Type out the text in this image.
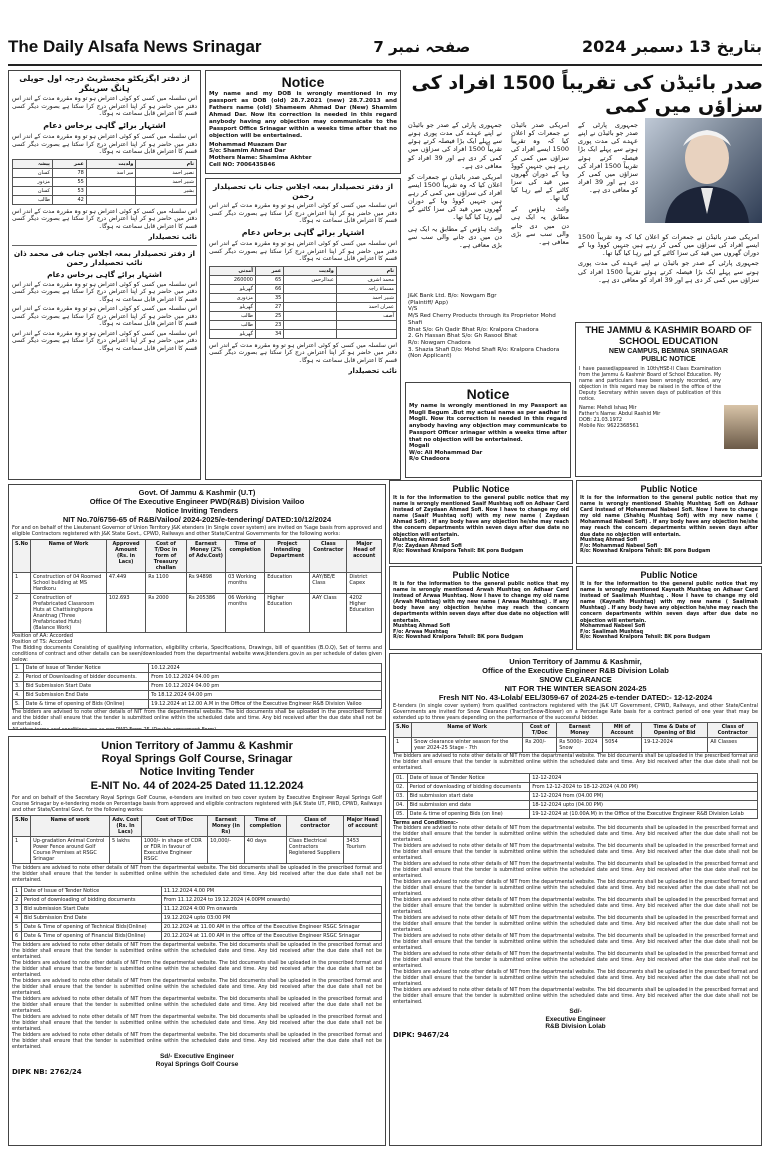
The Daily Alsafa News Srinagar	صفحہ نمبر 7	بتاریخ 13 دسمبر 2024
از دفتر ایگزیکٹو مجسٹریٹ درجہ اول حویلی ہانگ سرینگر
اس سلسلہ میں کسی کو کوئی اعتراض ہو تو وہ مقررہ مدت کے اندر اس دفتر میں حاضر ہو کر اپنا اعتراض درج کرا سکتا ہے بصورت دیگر کسی قسم کا اعتراض قابل سماعت نہ ہوگا۔
اشتہار برائے گاہی برخاس دعام
اس سلسلہ میں کسی کو کوئی اعتراض ہو تو وہ مقررہ مدت کے اندر اس دفتر میں حاضر ہو کر اپنا اعتراض درج کرا سکتا ہے بصورت دیگر کسی قسم کا اعتراض قابل سماعت نہ ہوگا۔
نام	ولدیت	عمر	پیشہ
نصیر احمد	میر اسد	78	کسان
شبیر احمد		55	مزدور
بشیر		53	کسان
		42	طالب
اس سلسلہ میں کسی کو کوئی اعتراض ہو تو وہ مقررہ مدت کے اندر اس دفتر میں حاضر ہو کر اپنا اعتراض درج کرا سکتا ہے بصورت دیگر کسی قسم کا اعتراض قابل سماعت نہ ہوگا۔
نائب تحصیلدار
از دفتر تحصیلدار بمعہ اجلاس جناب فی محمد ذان نائب تحصیلدار رحمن
اشتہار برائے گاہی برخاس دعام
اس سلسلہ میں کسی کو کوئی اعتراض ہو تو وہ مقررہ مدت کے اندر اس دفتر میں حاضر ہو کر اپنا اعتراض درج کرا سکتا ہے بصورت دیگر کسی قسم کا اعتراض قابل سماعت نہ ہوگا۔
اس سلسلہ میں کسی کو کوئی اعتراض ہو تو وہ مقررہ مدت کے اندر اس دفتر میں حاضر ہو کر اپنا اعتراض درج کرا سکتا ہے بصورت دیگر کسی قسم کا اعتراض قابل سماعت نہ ہوگا۔
اس سلسلہ میں کسی کو کوئی اعتراض ہو تو وہ مقررہ مدت کے اندر اس دفتر میں حاضر ہو کر اپنا اعتراض درج کرا سکتا ہے بصورت دیگر کسی قسم کا اعتراض قابل سماعت نہ ہوگا۔
Notice
My name and my DOB is wrongly mentioned in my passport as DOB (old) 28.7.2021 (new) 28.7.2013 and Fathers name (old) Shameem Ahmad Dar (New) Shamim Ahmad Dar. Now its correction is needed in this regard anybody having any objection may communicate to the Passport Office Srinagar within a weeks time after that no objection will be entertained.
Mohammad Muazam Dar
S/o: Shamim Ahmad Dar
Mothers Name: Shamima Akhter
Cell NO: 7006435846
از دفتر تحصیلدار بمعہ اجلاس جناب ناب تحصیلدار رحمن
اس سلسلہ میں کسی کو کوئی اعتراض ہو تو وہ مقررہ مدت کے اندر اس دفتر میں حاضر ہو کر اپنا اعتراض درج کرا سکتا ہے بصورت دیگر کسی قسم کا اعتراض قابل سماعت نہ ہوگا۔
اشتہار برائے گاہی برخاس دعام
اس سلسلہ میں کسی کو کوئی اعتراض ہو تو وہ مقررہ مدت کے اندر اس دفتر میں حاضر ہو کر اپنا اعتراض درج کرا سکتا ہے بصورت دیگر کسی قسم کا اعتراض قابل سماعت نہ ہوگا۔
نام	ولدیت	عمر	آمدنی
محمد اشرف	عبدالرحمن	65	260000
مسماۃ راجہ		66	گھریلو
شبیر احمد		35	مزدوری
عمران احمد		27	گھریلو
آصف		25	طالب
		23	طالب
		34	گھریلو
اس سلسلہ میں کسی کو کوئی اعتراض ہو تو وہ مقررہ مدت کے اندر اس دفتر میں حاضر ہو کر اپنا اعتراض درج کرا سکتا ہے بصورت دیگر کسی قسم کا اعتراض قابل سماعت نہ ہوگا۔
نائب تحصیلدار
جمہوری پارٹی کے صدر جو بائیڈن نے اپنے عہدے کی مدت پوری ہونے سے پہلے ایک بڑا فیصلہ کرتے ہوئے تقریباً 1500 افراد کی سزاؤں میں کمی کر دی ہے اور 39 افراد کو معافی دی ہے۔
امریکی صدر بائیڈن نے جمعرات کو اعلان کیا کہ وہ تقریباً 1500 ایسے افراد کی سزاؤں میں کمی کر رہے ہیں جنہیں کووڈ وبا کے دوران گھروں میں قید کی سزا کاٹنے کے لیے رہا کیا گیا تھا۔
وائٹ ہاؤس کے مطابق یہ ایک ہی دن میں دی جانے والی سب سے بڑی معافی ہے۔
امریکی صدر بائیڈن نے جمعرات کو اعلان کیا کہ وہ تقریباً 1500 ایسے افراد کی سزاؤں میں کمی کر رہے ہیں جنہیں کووڈ وبا کے دوران گھروں میں قید کی سزا کاٹنے کے لیے رہا کیا گیا تھا۔
وائٹ ہاؤس کے مطابق یہ ایک ہی دن میں دی جانے والی سب سے بڑی معافی ہے۔
صدر بائیڈن کی تقریباً 1500 افراد کی سزاؤں میں کمی
جمہوری پارٹی کے صدر جو بائیڈن نے اپنے عہدے کی مدت پوری ہونے سے پہلے ایک بڑا فیصلہ کرتے ہوئے تقریباً 1500 افراد کی سزاؤں میں کمی کر دی ہے اور 39 افراد کو معافی دی ہے۔
امریکی صدر بائیڈن نے جمعرات کو اعلان کیا کہ وہ تقریباً 1500 ایسے افراد کی سزاؤں میں کمی کر رہے ہیں جنہیں کووڈ وبا کے دوران گھروں میں قید کی سزا کاٹنے کے لیے رہا کیا گیا تھا۔
جمہوری پارٹی کے صدر جو بائیڈن نے اپنے عہدے کی مدت پوری ہونے سے پہلے ایک بڑا فیصلہ کرتے ہوئے تقریباً 1500 افراد کی سزاؤں میں کمی کر دی ہے اور 39 افراد کو معافی دی ہے۔
J&K Bank Ltd. B/o: Nowgam Bgr
(Plaintiff/ App)
V/S
M/S Red Cherry Products through its Proprietor Mohd Shafi
Bhat S/o: Gh Qadir Bhat R/o: Kralpora Chadora
2. Gh Hassan Bhat S/o: Gh Rasool Bhat
R/o: Nowgam Chadora
3. Shazia Shafi D/o: Mohd Shafi R/o: Kralpora Chadora (Non Applicant)
THE JAMMU & KASHMIR BOARD OF SCHOOL EDUCATION
NEW CAMPUS, BEMINA SRINAGAR
PUBLIC NOTICE
I have passed/appeared in 10th/HSE-II Class Examination from the Jammu & Kashmir Board of School Education. My name and particulars have been wrongly recorded, any objection in this regard may be raised in the office of the Deputy Secretary within seven days of publication of this notice.
Name: Mehdi Ishaq Mir
Father's Name: Abdul Rashid Mir
DOB: 21.03.1972
Mobile No: 9622368561
Notice
My name is wrongly mentioned in my Passport as Mugli Begum .But my actual name as per aadhar is Mogli. Now its correction is needed in this regard anybody having any objection may communicate to Passport Officer srinagar within a weeks time after that no objection will be entertained.
Mogali
W/o: Ali Mohammad Dar
R/o Chadoora
Public Notice
It is for the information to the general public notice that my name is wrongly mentioned Saaif Mushtaq sofi on Adhaar Card instead of Zaydaan Ahmad Sofi. Now I have to change my old name (Saaif Mushtaq sofi) with my new name ( Zaydaan Ahmad Sofi) . If any body have any objection he/she may reach the concern departments within seven days after due date no objection will entertain.
Mushtaq Ahmad Sofi
F/o: Zaydaan Ahmad Sofi
R/o: Nowshad Kralpora Tehsil: BK pora Budgam
Public Notice
It is for the information to the general public notice that my name is wrongly mentioned Shahiq Mushtaq Sofi on Adhaar Card instead of Mohammad Nabeel Sofi. Now I have to change my old name (Shahiq Mushtaq Sofi) with my new name ( Mohammad Nabeel Sofi) . If any body have any objection he/she may reach the concern departments within seven days after due date no objection will entertain.
Mushtaq Ahmad Sofi
F/o: Mohammad Nabeel Sofi
R/o: Nowshad Kralpora Tehsil: BK pora Budgam
Public Notice
It is for the information to the general public notice that my name is wrongly mentioned Arwah Mushtaq on Adhaar Card instead of Arwaa Mushtaq. Now I have to change my old name (Arwah Mushtaq) with my new name ( Arwaa Mushtaq) . If any body have any objection he/she may reach the concern departments within seven days after due date no objection will entertain.
Mushtaq Ahmad Sofi
F/o: Arwaa Mushtaq
R/o: Nowshad Kralpora Tehsil: BK pora Budgam
Public Notice
It is for the information to the general public notice that my name is wrongly mentioned Kaynath Mushtaq on Adhaar Card instead of Saalimah Mushtaq . Now I have to change my old name (Kaynath Mushtaq) with my new name ( Saalimah Mushtaq) . If any body have any objection he/she may reach the concern departments within seven days after due date no objection will entertain.
Mohammad Nabeel Sofi
F/o: Saalimah Mushtaq
R/o: Nowshad Kralpora Tehsil: BK pora Budgam
Govt. Of Jammu & Kashmir (U.T)
Office Of The Executive Engineer PWD(R&B) Division Vailoo
Notice Inviting Tenders
NIT No.70/6756-65 of R&B/Vailoo/ 2024-2025/e-tendering/ DATED:10/12/2024
For and on behalf of the Lieutenant Governor of Union Territory J&K etenders (in Single cover system) are invited on %age basis from approved and eligible Contractors registered with J&K State Govt., CPWD, Railways and other State/Central Governments for the following works:
S.No	Name of Work	Approved Amount (Rs. in Lacs)	Cost of T/Doc in form of Treasury challan	Earnest Money (2% of Adv.Cost)	Time of completion	Project Intending Department	Class Contractor	Major Head of account
1	Construction of 04 Roomed School building at MS Hardkoru	47.449	Rs 1100	Rs 94898	03 Working months	Education	AAY/BE/E Class	District Capex
2	Construction of Prefabricated Classroom Huts at Chattisinghpora Anantnag (Three Prefabricated Huts) (Balance Work)	102.693	Rs 2000	Rs 205386	06 Working months	Higher Education	AAY Class	4202 Higher Education
Position of AA: Accorded
Position of TS: Accorded
The Bidding documents Consisting of qualifying information, eligibility criteria, Specifications, Drawings, bill of quantities (B.O.Q), Set of terms and conditions of contract and other details can be seen/downloaded from the departmental website www.jktenders.gov.in as per schedule of dates given below:
1.	Date of Issue of Tender Notice	10.12.2024
2.	Period of Downloading of bidder documents.	From 10.12.2024 04.00 pm
3.	Bid Submission Start Date	From 10.12.2024 04.00 pm
4.	Bid Submission End Date	To 18.12.2024 04.00 pm
5.	Date & time of opening of Bids (Online)	19.12.2024 at 12.00 A.M in the Office of the Executive Engineer R&B Division Vailoo
The bidders are advised to note other details of NIT from the departmental website. The bid documents shall be uploaded in the prescribed format and the bidder shall ensure that the tender is submitted online within the scheduled date and time. Any bid received after the due date shall not be entertained.
Union Territory of Jammu & Kashmir
Royal Springs Golf Course, Srinagar
Notice Inviting Tender
E-NIT No. 44 of 2024-25 Dated 11.12.2024
For and on behalf of the Secretary Royal Springs Golf Course, e-tenders are invited on two cover system by Executive Engineer Royal Springs Golf Course Srinagar by e-tendering mode on Percentage basis from approved and eligible contractors registered with J&K State UT, PWD, CPWD, Railways and other State/Central Govt. for the following works:
S.No	Name of work	Adv. Cost (Rs. In Lacs)	Cost of T/Doc	Earnest Money (in Rs)	Time of completion	Class of contractor	Major Head of account
1	Up-gradation Animal Control Power Fence around Golf Course Premises at RSGC Srinagar	5 lakhs	1000/- in shape of CDR or FDR in favour of Executive Engineer RSGC	10,000/-	40 days	Class Electrical Contractors Registered Suppliers	3453 Tourism
The bidders are advised to note other details of NIT from the departmental website. The bid documents shall be uploaded in the prescribed format and the bidder shall ensure that the tender is submitted online within the scheduled date and time. Any bid received after the due date shall not be entertained.
1	Date of Issue of Tender Notice	11.12.2024 4.00 PM
2	Period of downloading of bidding documents	From 11.12.2024 to 19.12.2024 (4.00PM onwards)
3	Bid submission Start Date	11.12.2024 4:00 Pm onwards
4	Bid Submission End Date	19.12.2024 upto 03:00 PM
5	Date & Time of opening of Technical Bids(Online)	20.12.2024 at 11.00 AM in the office of the Executive Engineer RSGC Srinagar
6	Date & Time of opening of Financial Bids(Online)	20.12.2024 at 11.00 AM in the office of the Executive Engineer RSGC Srinagar
The bidders are advised to note other details of NIT from the departmental website. The bid documents shall be uploaded in the prescribed format and the bidder shall ensure that the tender is submitted online within the scheduled date and time. Any bid received after the due date shall not be entertained.
The bidders are advised to note other details of NIT from the departmental website. The bid documents shall be uploaded in the prescribed format and the bidder shall ensure that the tender is submitted online within the scheduled date and time. Any bid received after the due date shall not be entertained.
The bidders are advised to note other details of NIT from the departmental website. The bid documents shall be uploaded in the prescribed format and the bidder shall ensure that the tender is submitted online within the scheduled date and time. Any bid received after the due date shall not be entertained.
The bidders are advised to note other details of NIT from the departmental website. The bid documents shall be uploaded in the prescribed format and the bidder shall ensure that the tender is submitted online within the scheduled date and time. Any bid received after the due date shall not be entertained.
The bidders are advised to note other details of NIT from the departmental website. The bid documents shall be uploaded in the prescribed format and the bidder shall ensure that the tender is submitted online within the scheduled date and time. Any bid received after the due date shall not be entertained.
The bidders are advised to note other details of NIT from the departmental website. The bid documents shall be uploaded in the prescribed format and the bidder shall ensure that the tender is submitted online within the scheduled date and time. Any bid received after the due date shall not be entertained.
Sd/- Executive Engineer
Royal Springs Golf Course
DIPK NB: 2762/24
Union Territory of Jammu & Kashmir,
Office of the Executive Engineer R&B Division Lolab
SNOW CLEARANCE
NIT FOR THE WINTER SEASON 2024-25
Fresh NIT No. 43-Lolab/ EEL/3059-67 of 2024-25 e-tender DATED:- 12-12-2024
E-tenders (in single cover system) from qualified contractors registered with the J&K UT Government, CPWD, Railways, and other State/Central Governments are invited for Snow Clearance (Tractor/Snow-Blower) on a Percentage Rate basis for a contract period of one year that may be extended up to three years depending on the performance of the successful bidder.
S.No	Name of Work	Cost of T/Doc	Earnest Money	MH of Account	Time & Date of Opening of Bid	Class of Contractor
1	Snow clearance winter season for the year 2024-25 Stage - 7th	Rs 200/-	Rs 5000/- 2024 Snow	5054	19-12-2024	All Classes
The bidders are advised to note other details of NIT from the departmental website. The bid documents shall be uploaded in the prescribed format and the bidder shall ensure that the tender is submitted online within the scheduled date and time. Any bid received after the due date shall not be entertained.
01.	Date of issue of Tender Notice	12-12-2024
02.	Period of downloading of bidding documents	From 12-12-2024 to 18-12-2024 (4.00 PM)
03.	Bid submission start date	12-12-2024 from (04.00 PM)
04.	Bid submission end date	18-12-2024 upto (04.00 PM)
05.	Date & time of opening Bids (on line)	19-12-2024 at (10.00A.M) in the Office of the Executive Engineer R&B Division Lolab
Terms and Conditions:-
The bidders are advised to note other details of NIT from the departmental website. The bid documents shall be uploaded in the prescribed format and the bidder shall ensure that the tender is submitted online within the scheduled date and time. Any bid received after the due date shall not be entertained.
The bidders are advised to note other details of NIT from the departmental website. The bid documents shall be uploaded in the prescribed format and the bidder shall ensure that the tender is submitted online within the scheduled date and time. Any bid received after the due date shall not be entertained.
The bidders are advised to note other details of NIT from the departmental website. The bid documents shall be uploaded in the prescribed format and the bidder shall ensure that the tender is submitted online within the scheduled date and time. Any bid received after the due date shall not be entertained.
The bidders are advised to note other details of NIT from the departmental website. The bid documents shall be uploaded in the prescribed format and the bidder shall ensure that the tender is submitted online within the scheduled date and time. Any bid received after the due date shall not be entertained.
The bidders are advised to note other details of NIT from the departmental website. The bid documents shall be uploaded in the prescribed format and the bidder shall ensure that the tender is submitted online within the scheduled date and time. Any bid received after the due date shall not be entertained.
The bidders are advised to note other details of NIT from the departmental website. The bid documents shall be uploaded in the prescribed format and the bidder shall ensure that the tender is submitted online within the scheduled date and time. Any bid received after the due date shall not be entertained.
The bidders are advised to note other details of NIT from the departmental website. The bid documents shall be uploaded in the prescribed format and the bidder shall ensure that the tender is submitted online within the scheduled date and time. Any bid received after the due date shall not be entertained.
The bidders are advised to note other details of NIT from the departmental website. The bid documents shall be uploaded in the prescribed format and the bidder shall ensure that the tender is submitted online within the scheduled date and time. Any bid received after the due date shall not be entertained.
The bidders are advised to note other details of NIT from the departmental website. The bid documents shall be uploaded in the prescribed format and the bidder shall ensure that the tender is submitted online within the scheduled date and time. Any bid received after the due date shall not be entertained.
The bidders are advised to note other details of NIT from the departmental website. The bid documents shall be uploaded in the prescribed format and the bidder shall ensure that the tender is submitted online within the scheduled date and time. Any bid received after the due date shall not be entertained.
Sd/-
Executive Engineer
R&B Division Lolab
DIPK: 9467/24
